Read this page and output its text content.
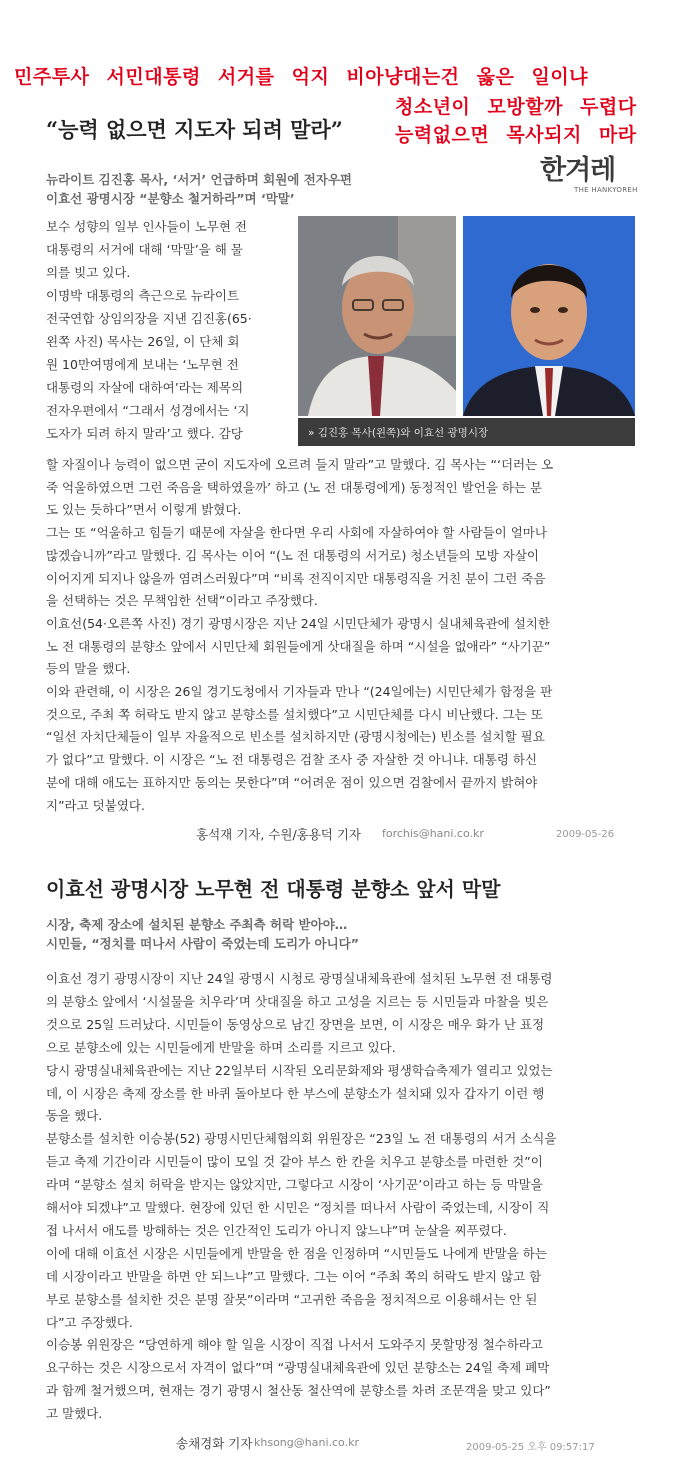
민주투사 서민대통령 서거를 억지 비아냥대는건 옳은 일이냐
청소년이 모방할까 두렵다
능력없으면 목사되지 마라
“능력 없으면 지도자 되려 말라”
뉴라이트 김진홍 목사, ‘서거’ 언급하며 회원에 전자우편
이효선 광명시장 “분향소 철거하라”며 ‘막말’
한겨레
THE HANKYOREH
» 김진홍 목사(왼쪽)와 이효선 광명시장
보수 성향의 일부 인사들이 노무현 전
대통령의 서거에 대해 ‘막말’을 해 물
의를 빚고 있다.
이명박 대통령의 측근으로 뉴라이트
전국연합 상임의장을 지낸 김진홍(65·
왼쪽 사진) 목사는 26일, 이 단체 회
원 10만여명에게 보내는 ‘노무현 전
대통령의 자살에 대하여’라는 제목의
전자우편에서 “그래서 성경에서는 ‘지
도자가 되려 하지 말라’고 했다. 감당
할 자질이나 능력이 없으면 굳이 지도자에 오르려 들지 말라”고 말했다. 김 목사는 “‘더러는 오
죽 억울하였으면 그런 죽음을 택하였을까’ 하고 (노 전 대통령에게) 동정적인 발언을 하는 분
도 있는 듯하다”면서 이렇게 밝혔다.
그는 또 “억울하고 힘들기 때문에 자살을 한다면 우리 사회에 자살하여야 할 사람들이 얼마나
많겠습니까”라고 말했다. 김 목사는 이어 “(노 전 대통령의 서거로) 청소년들의 모방 자살이
이어지게 되지나 않을까 염려스러웠다”며 “비록 전직이지만 대통령직을 거친 분이 그런 죽음
을 선택하는 것은 무책임한 선택”이라고 주장했다.
이효선(54·오른쪽 사진) 경기 광명시장은 지난 24일 시민단체가 광명시 실내체육관에 설치한
노 전 대통령의 분향소 앞에서 시민단체 회원들에게 삿대질을 하며 “시설을 없애라” “사기꾼”
등의 말을 했다.
이와 관련해, 이 시장은 26일 경기도청에서 기자들과 만나 “(24일에는) 시민단체가 함정을 판
것으로, 주최 쪽 허락도 받지 않고 분향소를 설치했다”고 시민단체를 다시 비난했다. 그는 또
“일선 자치단체들이 일부 자율적으로 빈소를 설치하지만 (광명시청에는) 빈소를 설치할 필요
가 없다”고 말했다. 이 시장은 “노 전 대통령은 검찰 조사 중 자살한 것 아니냐. 대통령 하신
분에 대해 애도는 표하지만 동의는 못한다”며 “어려운 점이 있으면 검찰에서 끝까지 밝혀야
지”라고 덧붙였다.
홍석재 기자, 수원/홍용덕 기자 forchis@hani.co.kr	2009-05-26
이효선 광명시장 노무현 전 대통령 분향소 앞서 막말
시장, 축제 장소에 설치된 분향소 주최측 허락 받아야…
시민들, “정치를 떠나서 사람이 죽었는데 도리가 아니다”
이효선 경기 광명시장이 지난 24일 광명시 시청로 광명실내체육관에 설치된 노무현 전 대통령
의 분향소 앞에서 ‘시설물을 치우라’며 삿대질을 하고 고성을 지르는 등 시민들과 마찰을 빚은
것으로 25일 드러났다. 시민들이 동영상으로 남긴 장면을 보면, 이 시장은 매우 화가 난 표정
으로 분향소에 있는 시민들에게 반말을 하며 소리를 지르고 있다.
당시 광명실내체육관에는 지난 22일부터 시작된 오리문화제와 평생학습축제가 열리고 있었는
데, 이 시장은 축제 장소를 한 바퀴 돌아보다 한 부스에 분향소가 설치돼 있자 갑자기 이런 행
동을 했다.
분향소를 설치한 이승봉(52) 광명시민단체협의회 위원장은 “23일 노 전 대통령의 서거 소식을
듣고 축제 기간이라 시민들이 많이 모일 것 같아 부스 한 칸을 치우고 분향소를 마련한 것”이
라며 “분향소 설치 허락을 받지는 않았지만, 그렇다고 시장이 ‘사기꾼’이라고 하는 등 막말을
해서야 되겠냐”고 말했다. 현장에 있던 한 시민은 “정치를 떠나서 사람이 죽었는데, 시장이 직
접 나서서 애도를 방해하는 것은 인간적인 도리가 아니지 않느냐”며 눈살을 찌푸렸다.
이에 대해 이효선 시장은 시민들에게 반말을 한 점을 인정하며 “시민들도 나에게 반말을 하는
데 시장이라고 반말을 하면 안 되느냐”고 말했다. 그는 이어 “주최 쪽의 허락도 받지 않고 함
부로 분향소를 설치한 것은 분명 잘못”이라며 “고귀한 죽음을 정치적으로 이용해서는 안 된
다”고 주장했다.
이승봉 위원장은 “당연하게 해야 할 일을 시장이 직접 나서서 도와주지 못할망정 철수하라고
요구하는 것은 시장으로서 자격이 없다”며 “광명실내체육관에 있던 분향소는 24일 축제 폐막
과 함께 철거했으며, 현재는 경기 광명시 철산동 철산역에 분향소를 차려 조문객을 맞고 있다”
고 말했다.
송채경화 기자 khsong@hani.co.kr	2009-05-25 오후 09:57:17
